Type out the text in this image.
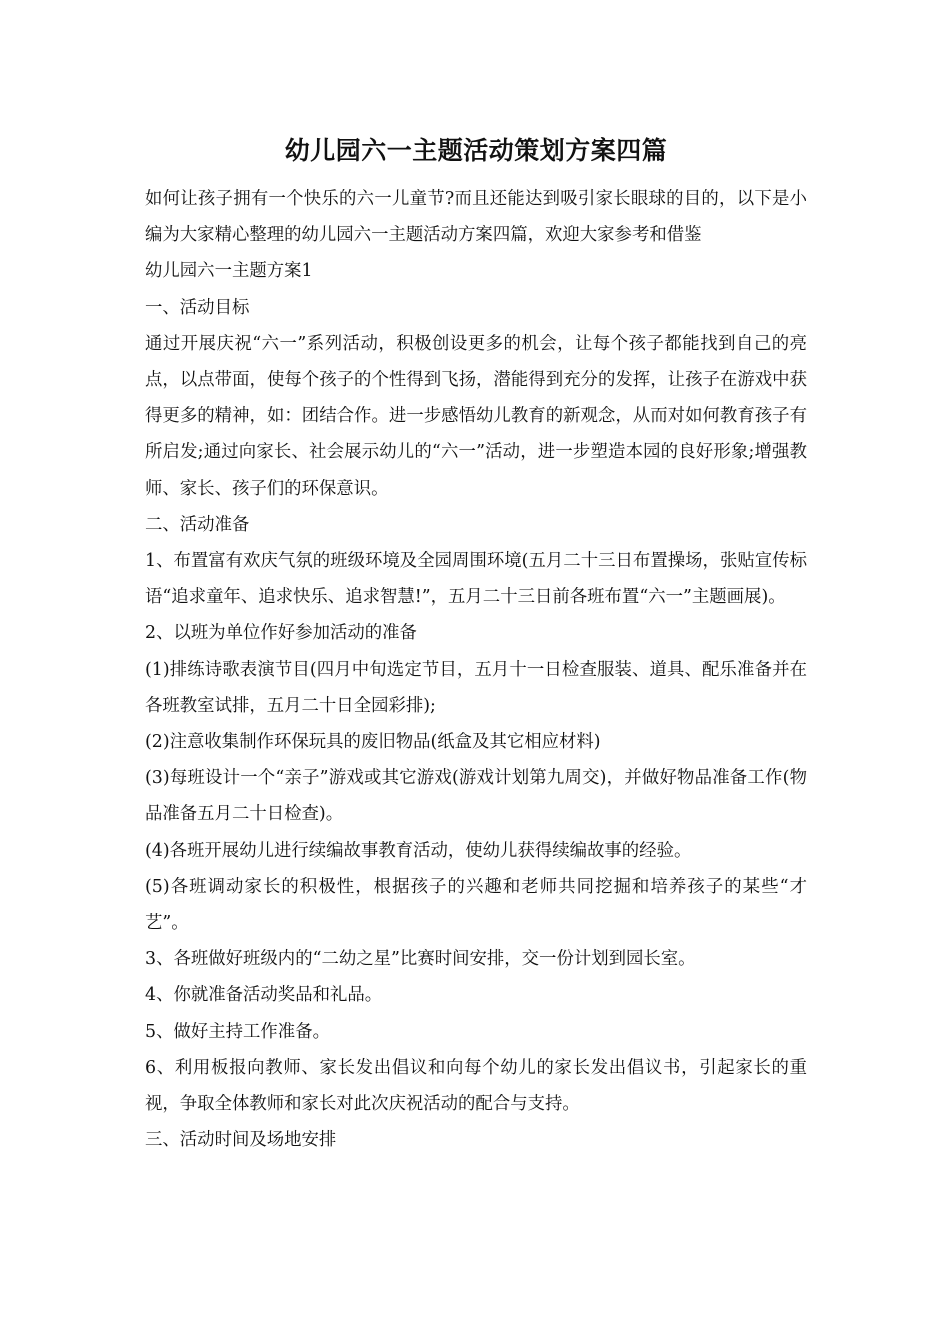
幼儿园六一主题活动策划方案四篇

如何让孩子拥有一个快乐的六一儿童节?而且还能达到吸引家长眼球的目的，以下是小编为大家精心整理的幼儿园六一主题活动方案四篇，欢迎大家参考和借鉴

幼儿园六一主题方案1

一、活动目标

通过开展庆祝“六一”系列活动，积极创设更多的机会，让每个孩子都能找到自己的亮点，以点带面，使每个孩子的个性得到飞扬，潜能得到充分的发挥，让孩子在游戏中获得更多的精神，如：团结合作。进一步感悟幼儿教育的新观念，从而对如何教育孩子有所启发;通过向家长、社会展示幼儿的“六一”活动，进一步塑造本园的良好形象;增强教师、家长、孩子们的环保意识。

二、活动准备

1、布置富有欢庆气氛的班级环境及全园周围环境(五月二十三日布置操场，张贴宣传标语“追求童年、追求快乐、追求智慧!”，五月二十三日前各班布置“六一”主题画展)。

2、以班为单位作好参加活动的准备

(1)排练诗歌表演节目(四月中旬选定节目，五月十一日检查服装、道具、配乐准备并在各班教室试排，五月二十日全园彩排);

(2)注意收集制作环保玩具的废旧物品(纸盒及其它相应材料)

(3)每班设计一个“亲子”游戏或其它游戏(游戏计划第九周交)，并做好物品准备工作(物品准备五月二十日检查)。

(4)各班开展幼儿进行续编故事教育活动，使幼儿获得续编故事的经验。

(5)各班调动家长的积极性，根据孩子的兴趣和老师共同挖掘和培养孩子的某些“才艺”。

3、各班做好班级内的“二幼之星”比赛时间安排，交一份计划到园长室。

4、你就准备活动奖品和礼品。

5、做好主持工作准备。

6、利用板报向教师、家长发出倡议和向每个幼儿的家长发出倡议书，引起家长的重视，争取全体教师和家长对此次庆祝活动的配合与支持。

三、活动时间及场地安排
